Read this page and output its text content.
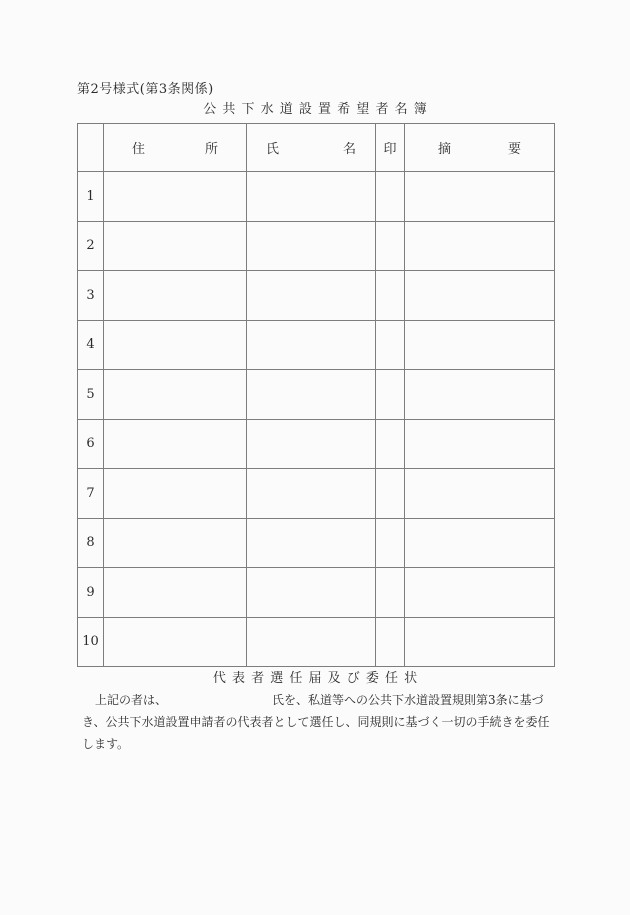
第2号様式(第3条関係)
公 共 下 水 道 設 置 希 望 者 名 簿

	住 所	氏 名	印	摘 要

1				
2				
3				
4				
5				
6				
7				
8				
9				
10				
代 表 者 選 任 届 及 び 委 任 状
上記の者は、	氏を、私道等への公共下水道設置規則第3条に基づ
き、公共下水道設置申請者の代表者として選任し、同規則に基づく一切の手続きを委任
します。
